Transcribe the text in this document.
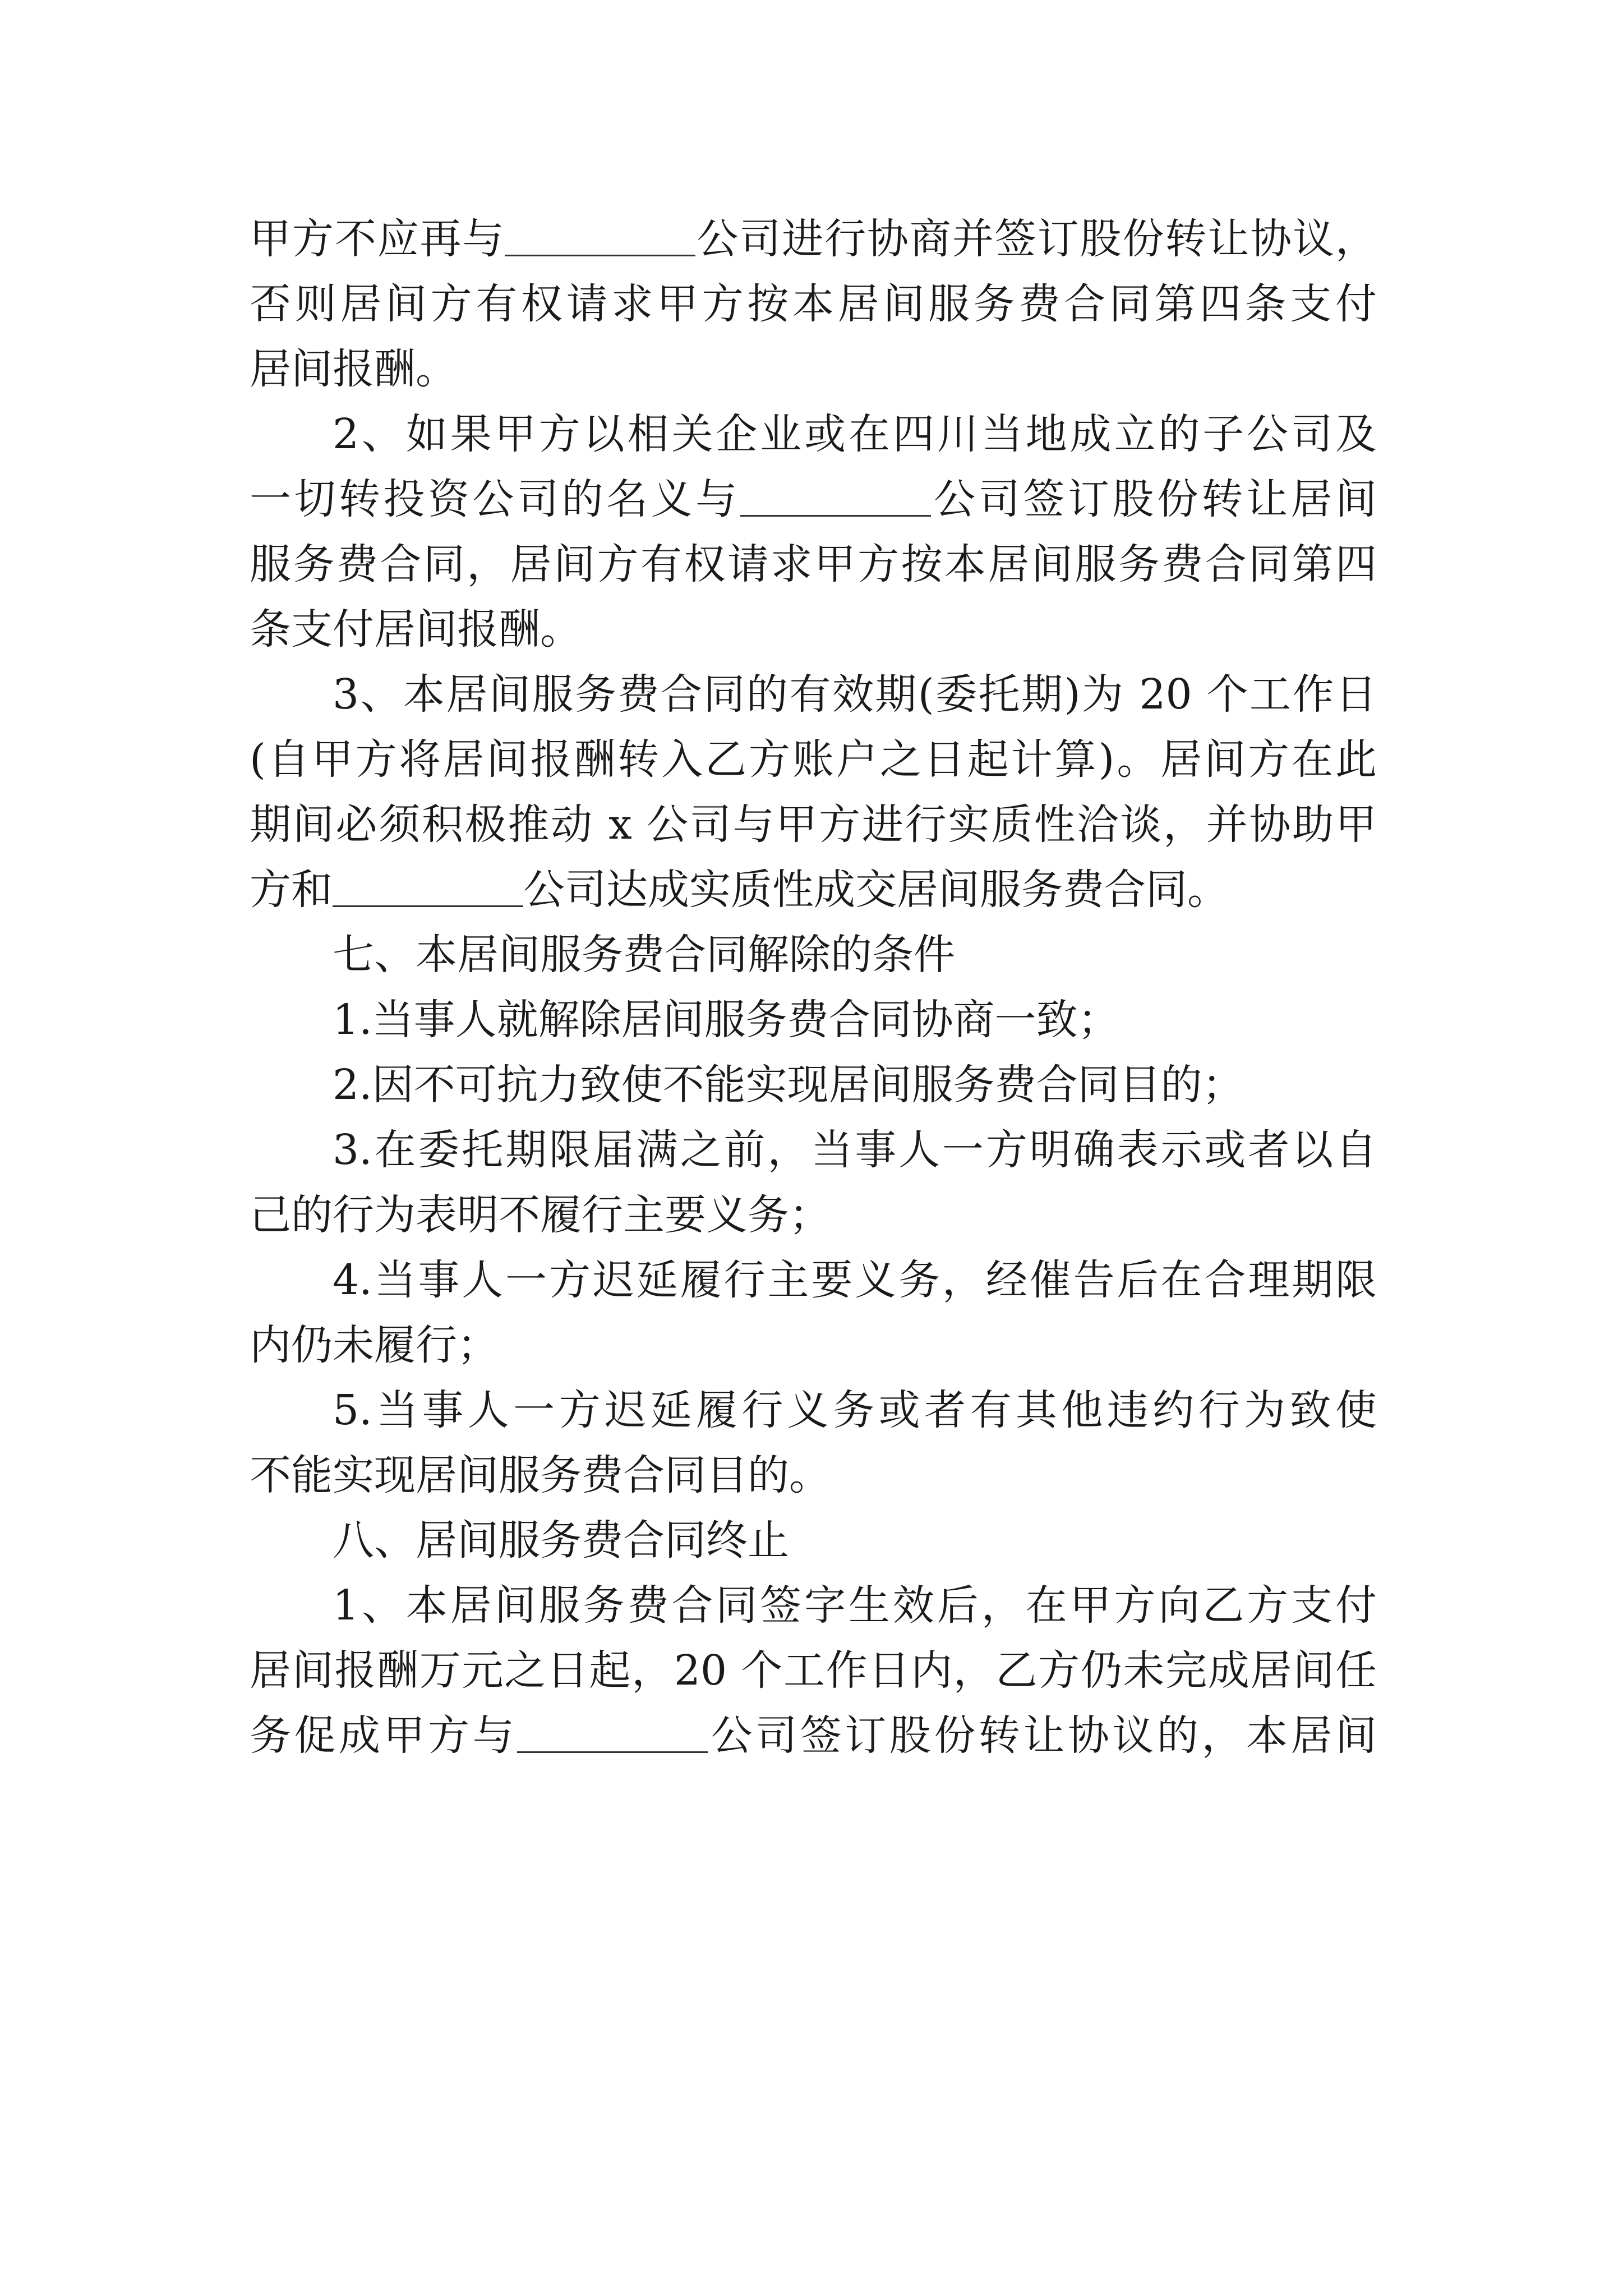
甲方不应再与	公司进行协商并签订股份转让协议，
否则居间方有权请求甲方按本居间服务费合同第四条支付
居间报酬。
2、如果甲方以相关企业或在四川当地成立的子公司及
一切转投资公司的名义与	公司签订股份转让居间
服务费合同，居间方有权请求甲方按本居间服务费合同第四
条支付居间报酬。
3、本居间服务费合同的有效期(委托期)为 20 个工作日
(自甲方将居间报酬转入乙方账户之日起计算)。居间方在此
期间必须积极推动 x 公司与甲方进行实质性洽谈，并协助甲
方和	公司达成实质性成交居间服务费合同。
七、本居间服务费合同解除的条件
1.当事人就解除居间服务费合同协商一致；
2.因不可抗力致使不能实现居间服务费合同目的；
3.在委托期限届满之前，当事人一方明确表示或者以自
己的行为表明不履行主要义务；
4.当事人一方迟延履行主要义务，经催告后在合理期限
内仍未履行；
5.当事人一方迟延履行义务或者有其他违约行为致使
不能实现居间服务费合同目的。
八、居间服务费合同终止
1、本居间服务费合同签字生效后，在甲方向乙方支付
居间报酬万元之日起，20 个工作日内，乙方仍未完成居间任
务促成甲方与	公司签订股份转让协议的，本居间
